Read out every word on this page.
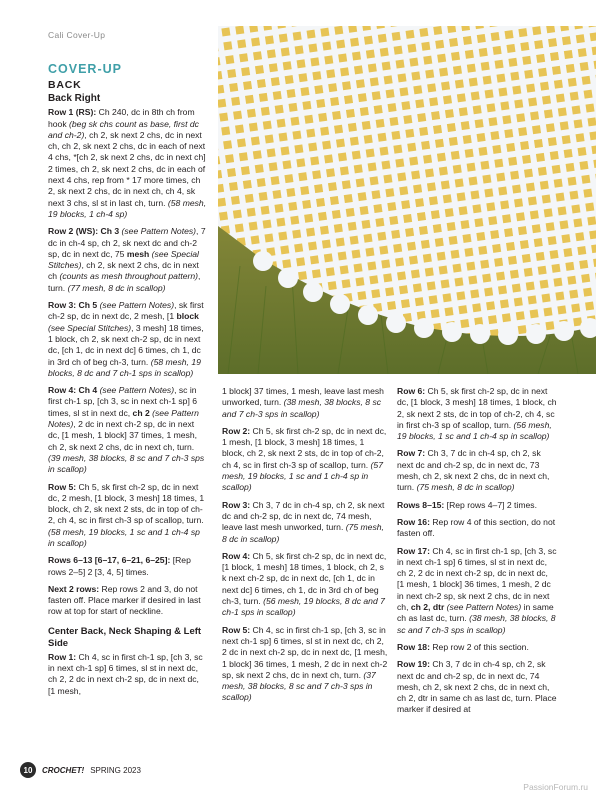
Cali Cover-Up
COVER-UP
BACK
Back Right

Row 1 (RS): Ch 240, dc in 8th ch from hook (beg sk chs count as base, first dc and ch-2), ch 2, sk next 2 chs, dc in next ch, ch 2, sk next 2 chs, dc in each of next 4 chs, *[ch 2, sk next 2 chs, dc in next ch] 2 times, ch 2, sk next 2 chs, dc in each of next 4 chs, rep from * 17 more times, ch 2, sk next 2 chs, dc in next ch, ch 4, sk next 3 chs, sl st in last ch, turn. (58 mesh, 19 blocks, 1 ch-4 sp)

Row 2 (WS): Ch 3 (see Pattern Notes), 7 dc in ch-4 sp, ch 2, sk next dc and ch-2 sp, dc in next dc, 75 mesh (see Special Stitches), ch 2, sk next 2 chs, dc in next ch (counts as mesh throughout pattern), turn. (77 mesh, 8 dc in scallop)

Row 3: Ch 5 (see Pattern Notes), sk first ch-2 sp, dc in next dc, 2 mesh, [1 block (see Special Stitches), 3 mesh] 18 times, 1 block, ch 2, sk next ch-2 sp, dc in next dc, [ch 1, dc in next dc] 6 times, ch 1, dc in 3rd ch of beg ch-3, turn. (58 mesh, 19 blocks, 8 dc and 7 ch-1 sps in scallop)

Row 4: Ch 4 (see Pattern Notes), sc in first ch-1 sp, [ch 3, sc in next ch-1 sp] 6 times, sl st in next dc, ch 2 (see Pattern Notes), 2 dc in next ch-2 sp, dc in next dc, [1 mesh, 1 block] 37 times, 1 mesh, ch 2, sk next 2 chs, dc in next ch, turn. (39 mesh, 38 blocks, 8 sc and 7 ch-3 sps in scallop)

Row 5: Ch 5, sk first ch-2 sp, dc in next dc, 2 mesh, [1 block, 3 mesh] 18 times, 1 block, ch 2, sk next 2 sts, dc in top of ch-2, ch 4, sc in first ch-3 sp of scallop, turn. (58 mesh, 19 blocks, 1 sc and 1 ch-4 sp in scallop)

Rows 6–13 [6–17, 6–21, 6–25]: [Rep rows 2–5] 2 [3, 4, 5] times.

Next 2 rows: Rep rows 2 and 3, do not fasten off. Place marker if desired in last row at top for start of neckline.

Center Back, Neck Shaping & Left Side

Row 1: Ch 4, sc in first ch-1 sp, [ch 3, sc in next ch-1 sp] 6 times, sl st in next dc, ch 2, 2 dc in next ch-2 sp, dc in next dc, [1 mesh,

1 block] 37 times, 1 mesh, leave last mesh unworked, turn. (38 mesh, 38 blocks, 8 sc and 7 ch-3 sps in scallop)

Row 2: Ch 5, sk first ch-2 sp, dc in next dc, 1 mesh, [1 block, 3 mesh] 18 times, 1 block, ch 2, sk next 2 sts, dc in top of ch-2, ch 4, sc in first ch-3 sp of scallop, turn. (57 mesh, 19 blocks, 1 sc and 1 ch-4 sp in scallop)

Row 3: Ch 3, 7 dc in ch-4 sp, ch 2, sk next dc and ch-2 sp, dc in next dc, 74 mesh, leave last mesh unworked, turn. (75 mesh, 8 dc in scallop)

Row 4: Ch 5, sk first ch-2 sp, dc in next dc, [1 block, 1 mesh] 18 times, 1 block, ch 2, s k next ch-2 sp, dc in next dc, [ch 1, dc in next dc] 6 times, ch 1, dc in 3rd ch of beg ch-3, turn. (56 mesh, 19 blocks, 8 dc and 7 ch-1 sps in scallop)

Row 5: Ch 4, sc in first ch-1 sp, [ch 3, sc in next ch-1 sp] 6 times, sl st in next dc, ch 2, 2 dc in next ch-2 sp, dc in next dc, [1 mesh, 1 block] 36 times, 1 mesh, 2 dc in next ch-2 sp, sk next 2 chs, dc in next ch, turn. (37 mesh, 38 blocks, 8 sc and 7 ch-3 sps in scallop)

Row 6: Ch 5, sk first ch-2 sp, dc in next dc, [1 block, 3 mesh] 18 times, 1 block, ch 2, sk next 2 sts, dc in top of ch-2, ch 4, sc in first ch-3 sp of scallop, turn. (56 mesh, 19 blocks, 1 sc and 1 ch-4 sp in scallop)

Row 7: Ch 3, 7 dc in ch-4 sp, ch 2, sk next dc and ch-2 sp, dc in next dc, 73 mesh, ch 2, sk next 2 chs, dc in next ch, turn. (75 mesh, 8 dc in scallop)

Rows 8–15: [Rep rows 4–7] 2 times.

Row 16: Rep row 4 of this section, do not fasten off.

Row 17: Ch 4, sc in first ch-1 sp, [ch 3, sc in next ch-1 sp] 6 times, sl st in next dc, ch 2, 2 dc in next ch-2 sp, dc in next dc, [1 mesh, 1 block] 36 times, 1 mesh, 2 dc in next ch-2 sp, sk next 2 chs, dc in next ch, ch 2, dtr (see Pattern Notes) in same ch as last dc, turn. (38 mesh, 38 blocks, 8 sc and 7 ch-3 sps in scallop)

Row 18: Rep row 2 of this section.

Row 19: Ch 3, 7 dc in ch-4 sp, ch 2, sk next dc and ch-2 sp, dc in next dc, 74 mesh, ch 2, sk next 2 chs, dc in next ch, ch 2, dtr in same ch as last dc, turn. Place marker if desired at

10	CROCHET! SPRING 2023
PassionForum.ru
